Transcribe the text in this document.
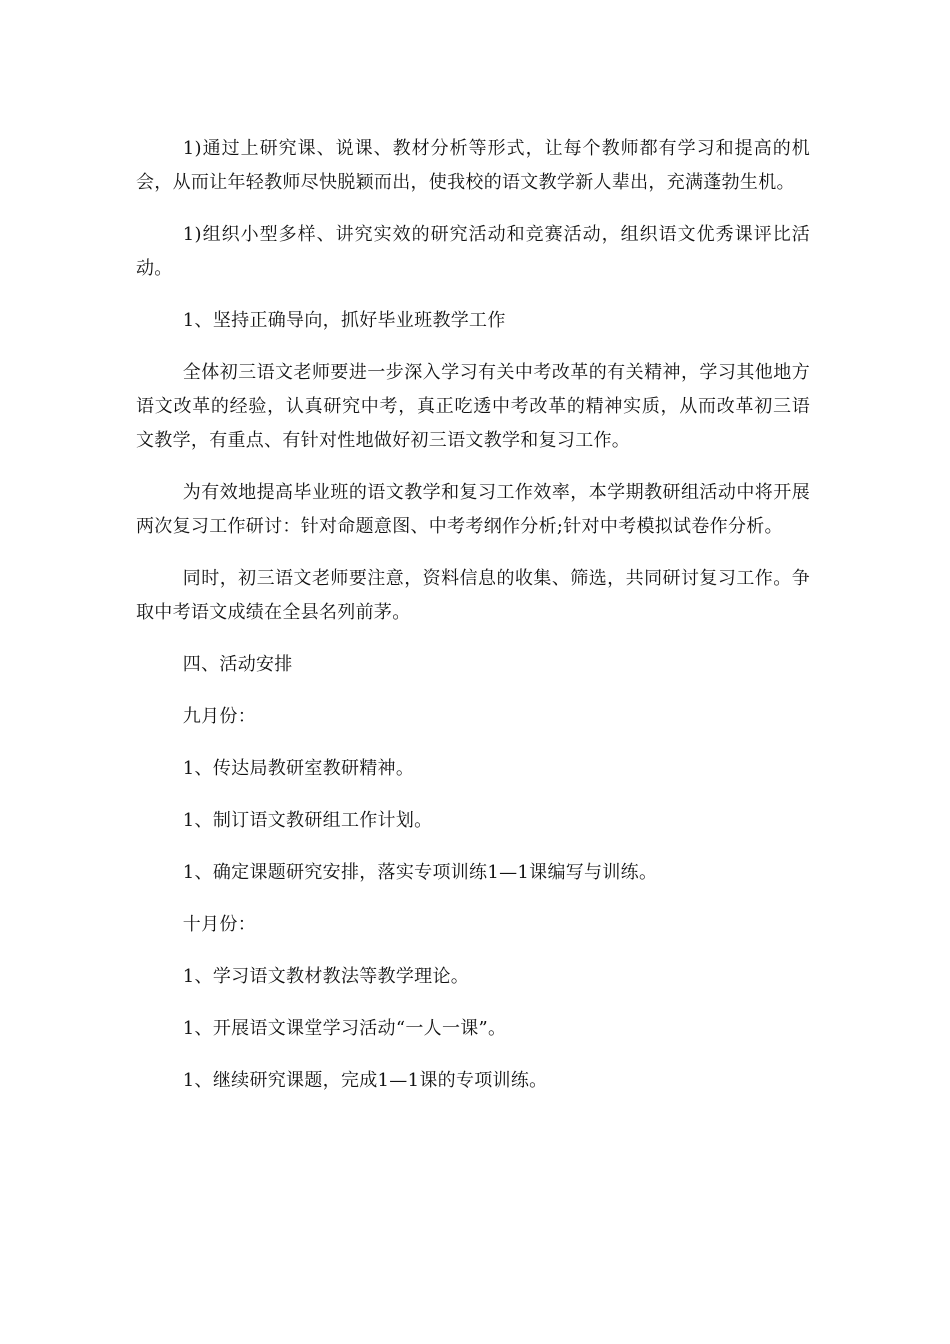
1)通过上研究课、说课、教材分析等形式，让每个教师都有学习和提高的机会，从而让年轻教师尽快脱颖而出，使我校的语文教学新人辈出，充满蓬勃生机。

1)组织小型多样、讲究实效的研究活动和竞赛活动，组织语文优秀课评比活动。

1、坚持正确导向，抓好毕业班教学工作

全体初三语文老师要进一步深入学习有关中考改革的有关精神，学习其他地方语文改革的经验，认真研究中考，真正吃透中考改革的精神实质，从而改革初三语文教学，有重点、有针对性地做好初三语文教学和复习工作。

为有效地提高毕业班的语文教学和复习工作效率，本学期教研组活动中将开展两次复习工作研讨：针对命题意图、中考考纲作分析;针对中考模拟试卷作分析。

同时，初三语文老师要注意，资料信息的收集、筛选，共同研讨复习工作。争取中考语文成绩在全县名列前茅。

四、活动安排

九月份：

1、传达局教研室教研精神。

1、制订语文教研组工作计划。

1、确定课题研究安排，落实专项训练1—1课编写与训练。

十月份：

1、学习语文教材教法等教学理论。

1、开展语文课堂学习活动“一人一课”。

1、继续研究课题，完成1—1课的专项训练。
